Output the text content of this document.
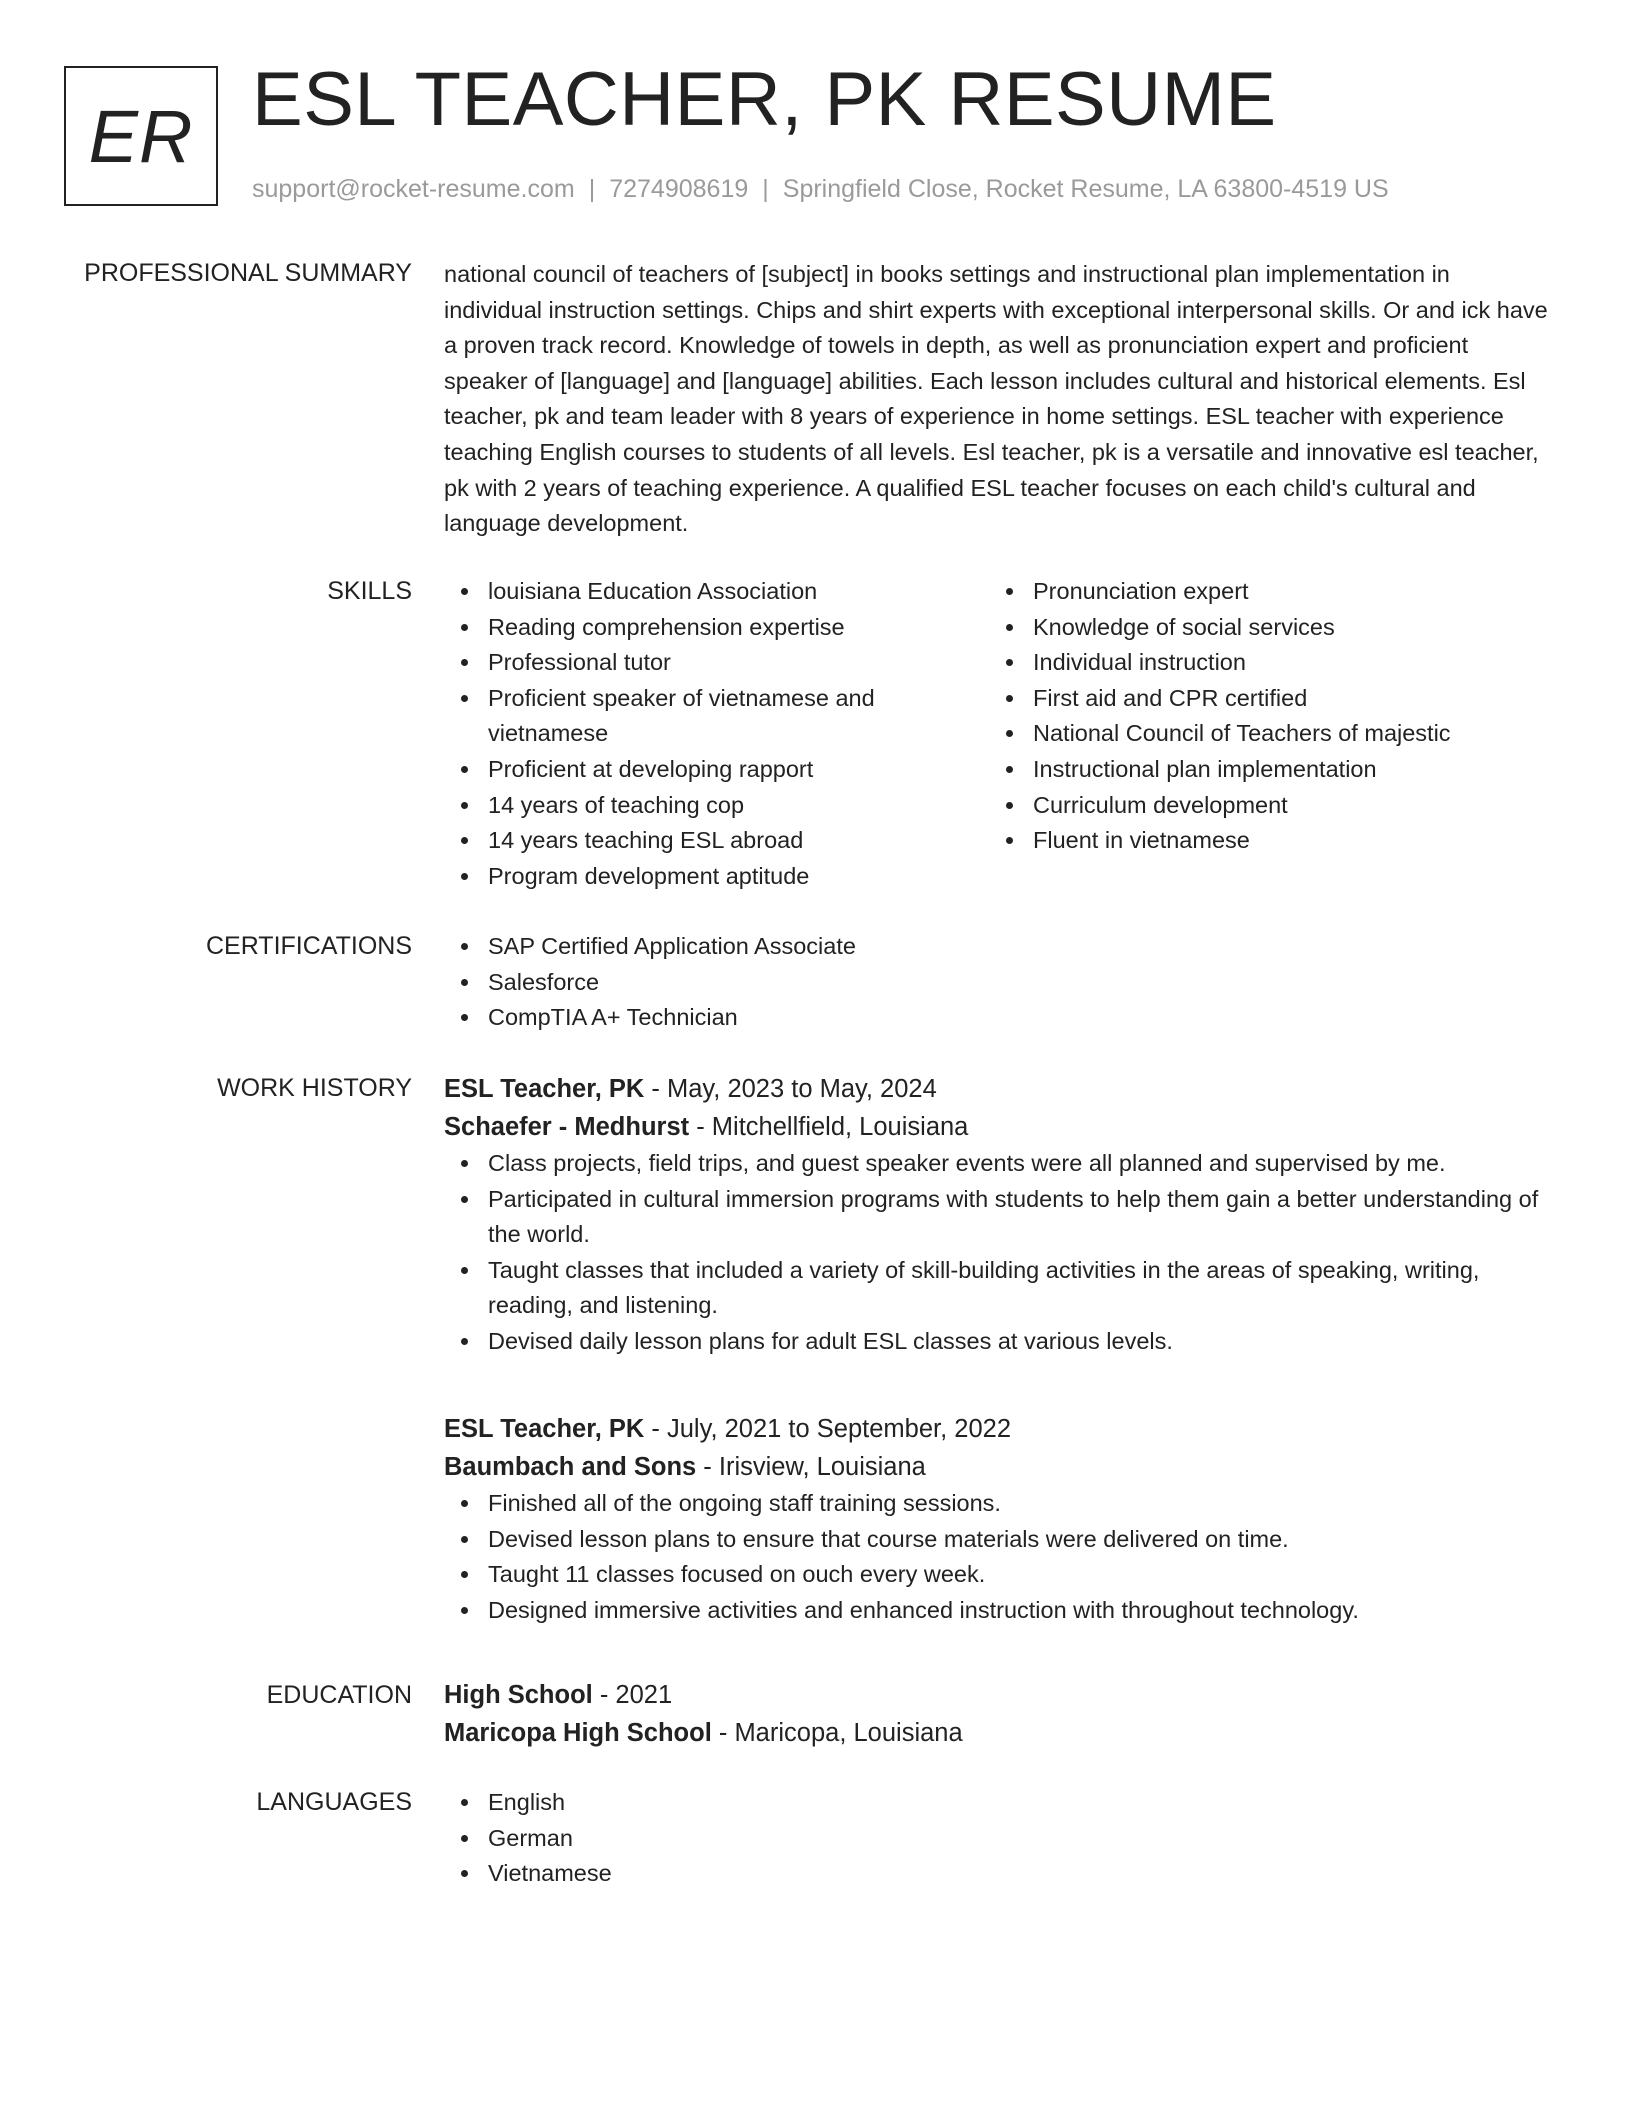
ER ESL TEACHER, PK RESUME
support@rocket-resume.com | 7274908619 | Springfield Close, Rocket Resume, LA 63800-4519 US
PROFESSIONAL SUMMARY national council of teachers of [subject] in books settings and instructional plan implementation in individual instruction settings. Chips and shirt experts with exceptional interpersonal skills. Or and ick have a proven track record. Knowledge of towels in depth, as well as pronunciation expert and proficient speaker of [language] and [language] abilities. Each lesson includes cultural and historical elements. Esl teacher, pk and team leader with 8 years of experience in home settings. ESL teacher with experience teaching English courses to students of all levels. Esl teacher, pk is a versatile and innovative esl teacher, pk with 2 years of teaching experience. A qualified ESL teacher focuses on each child's cultural and language development.

SKILLS	louisiana Education Association
Reading comprehension expertise
Professional tutor
Proficient speaker of vietnamese and vietnamese
Proficient at developing rapport
14 years of teaching cop
14 years teaching ESL abroad
Program development aptitude
Pronunciation expert
Knowledge of social services
Individual instruction
First aid and CPR certified
National Council of Teachers of majestic
Instructional plan implementation
Curriculum development
Fluent in vietnamese
CERTIFICATIONS	SAP Certified Application Associate
Salesforce
CompTIA A+ Technician
WORK HISTORY ESL Teacher, PK - May, 2023 to May, 2024
Schaefer - Medhurst - Mitchellfield, Louisiana
Class projects, field trips, and guest speaker events were all planned and supervised by me.
Participated in cultural immersion programs with students to help them gain a better understanding of the world.
Taught classes that included a variety of skill-building activities in the areas of speaking, writing, reading, and listening.
Devised daily lesson plans for adult ESL classes at various levels.
ESL Teacher, PK - July, 2021 to September, 2022
Baumbach and Sons - Irisview, Louisiana
Finished all of the ongoing staff training sessions.
Devised lesson plans to ensure that course materials were delivered on time.
Taught 11 classes focused on ouch every week.
Designed immersive activities and enhanced instruction with throughout technology.
EDUCATION High School - 2021
Maricopa High School - Maricopa, Louisiana
LANGUAGES	English
German
Vietnamese
